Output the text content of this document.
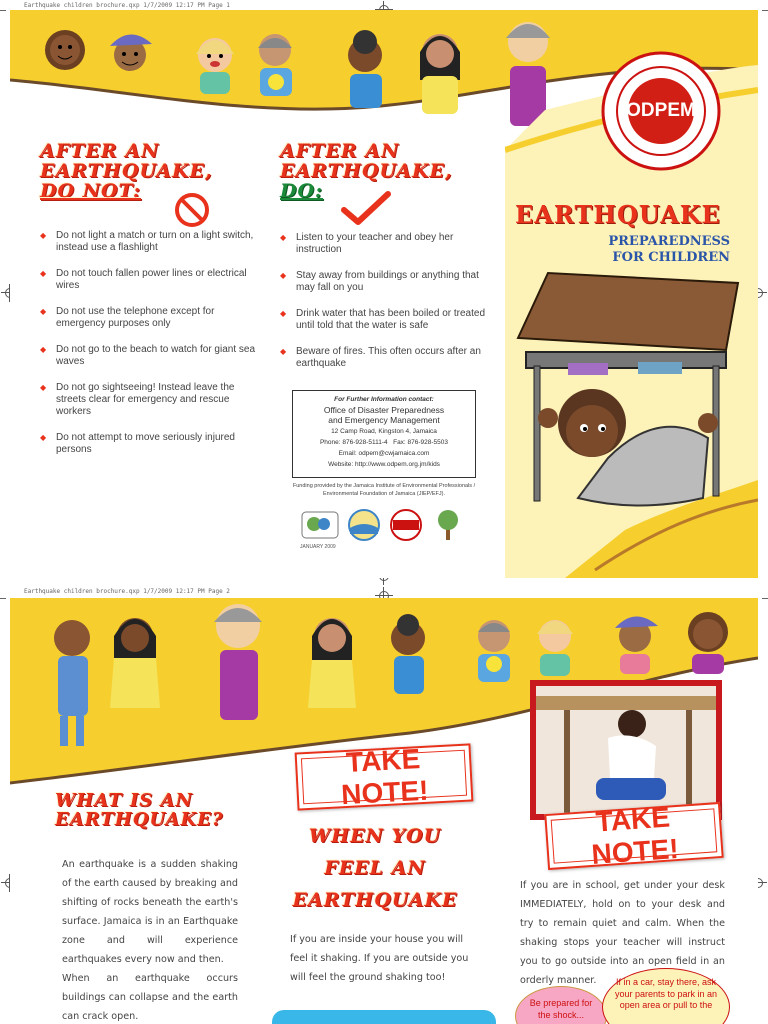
Earthquake children brochure.qxp 1/7/2009 12:17 PM Page 1
Earthquake children brochure.qxp 1/7/2009 12:17 PM Page 2
ODPEM
AFTER AN
EARTHQUAKE,
DO NOT:
◆ Do not light a match or turn on a light switch, instead use a flashlight
◆ Do not touch fallen power lines or electrical wires
◆ Do not use the telephone except for emergency purposes only
◆ Do not go to the beach to watch for giant sea waves
◆ Do not go sightseeing! Instead leave the streets clear for emergency and rescue workers
◆ Do not attempt to move seriously injured persons
AFTER AN
EARTHQUAKE,
DO:
◆ Listen to your teacher and obey her instruction
◆ Stay away from buildings or anything that may fall on you
◆ Drink water that has been boiled or treated until told that the water is safe
◆ Beware of fires. This often occurs after an earthquake
For Further Information contact:
Office of Disaster Preparedness
and Emergency Management
12 Camp Road, Kingston 4, Jamaica
Phone: 876-928-5111-4 Fax: 876-928-5503
Email: odpem@cwjamaica.com
Website: http://www.odpem.org.jm/kids
Funding provided by the Jamaica Institute of Environmental Professionals / Environmental Foundation of Jamaica (JIEP/EFJ).
JANUARY 2009
EARTHQUAKE
PREPAREDNESS
FOR CHILDREN
WHAT IS AN
EARTHQUAKE?
An earthquake is a sudden shaking of the earth caused by breaking and shifting of rocks beneath the earth's surface. Jamaica is in an Earthquake zone and will experience earthquakes every now and then.
When an earthquake occurs buildings can collapse and the earth can crack open.
TAKE NOTE!
WHEN YOU
FEEL AN
EARTHQUAKE
If you are inside your house you will feel it shaking. If you are outside you will feel the ground shaking too!
TAKE NOTE!
If you are in school, get under your desk IMMEDIATELY, hold on to your desk and try to remain quiet and calm. When the shaking stops your teacher will instruct you to go outside into an open field in an orderly manner.
Be prepared for the shock...
If in a car, stay there, ask your parents to park in an open area or pull to the
